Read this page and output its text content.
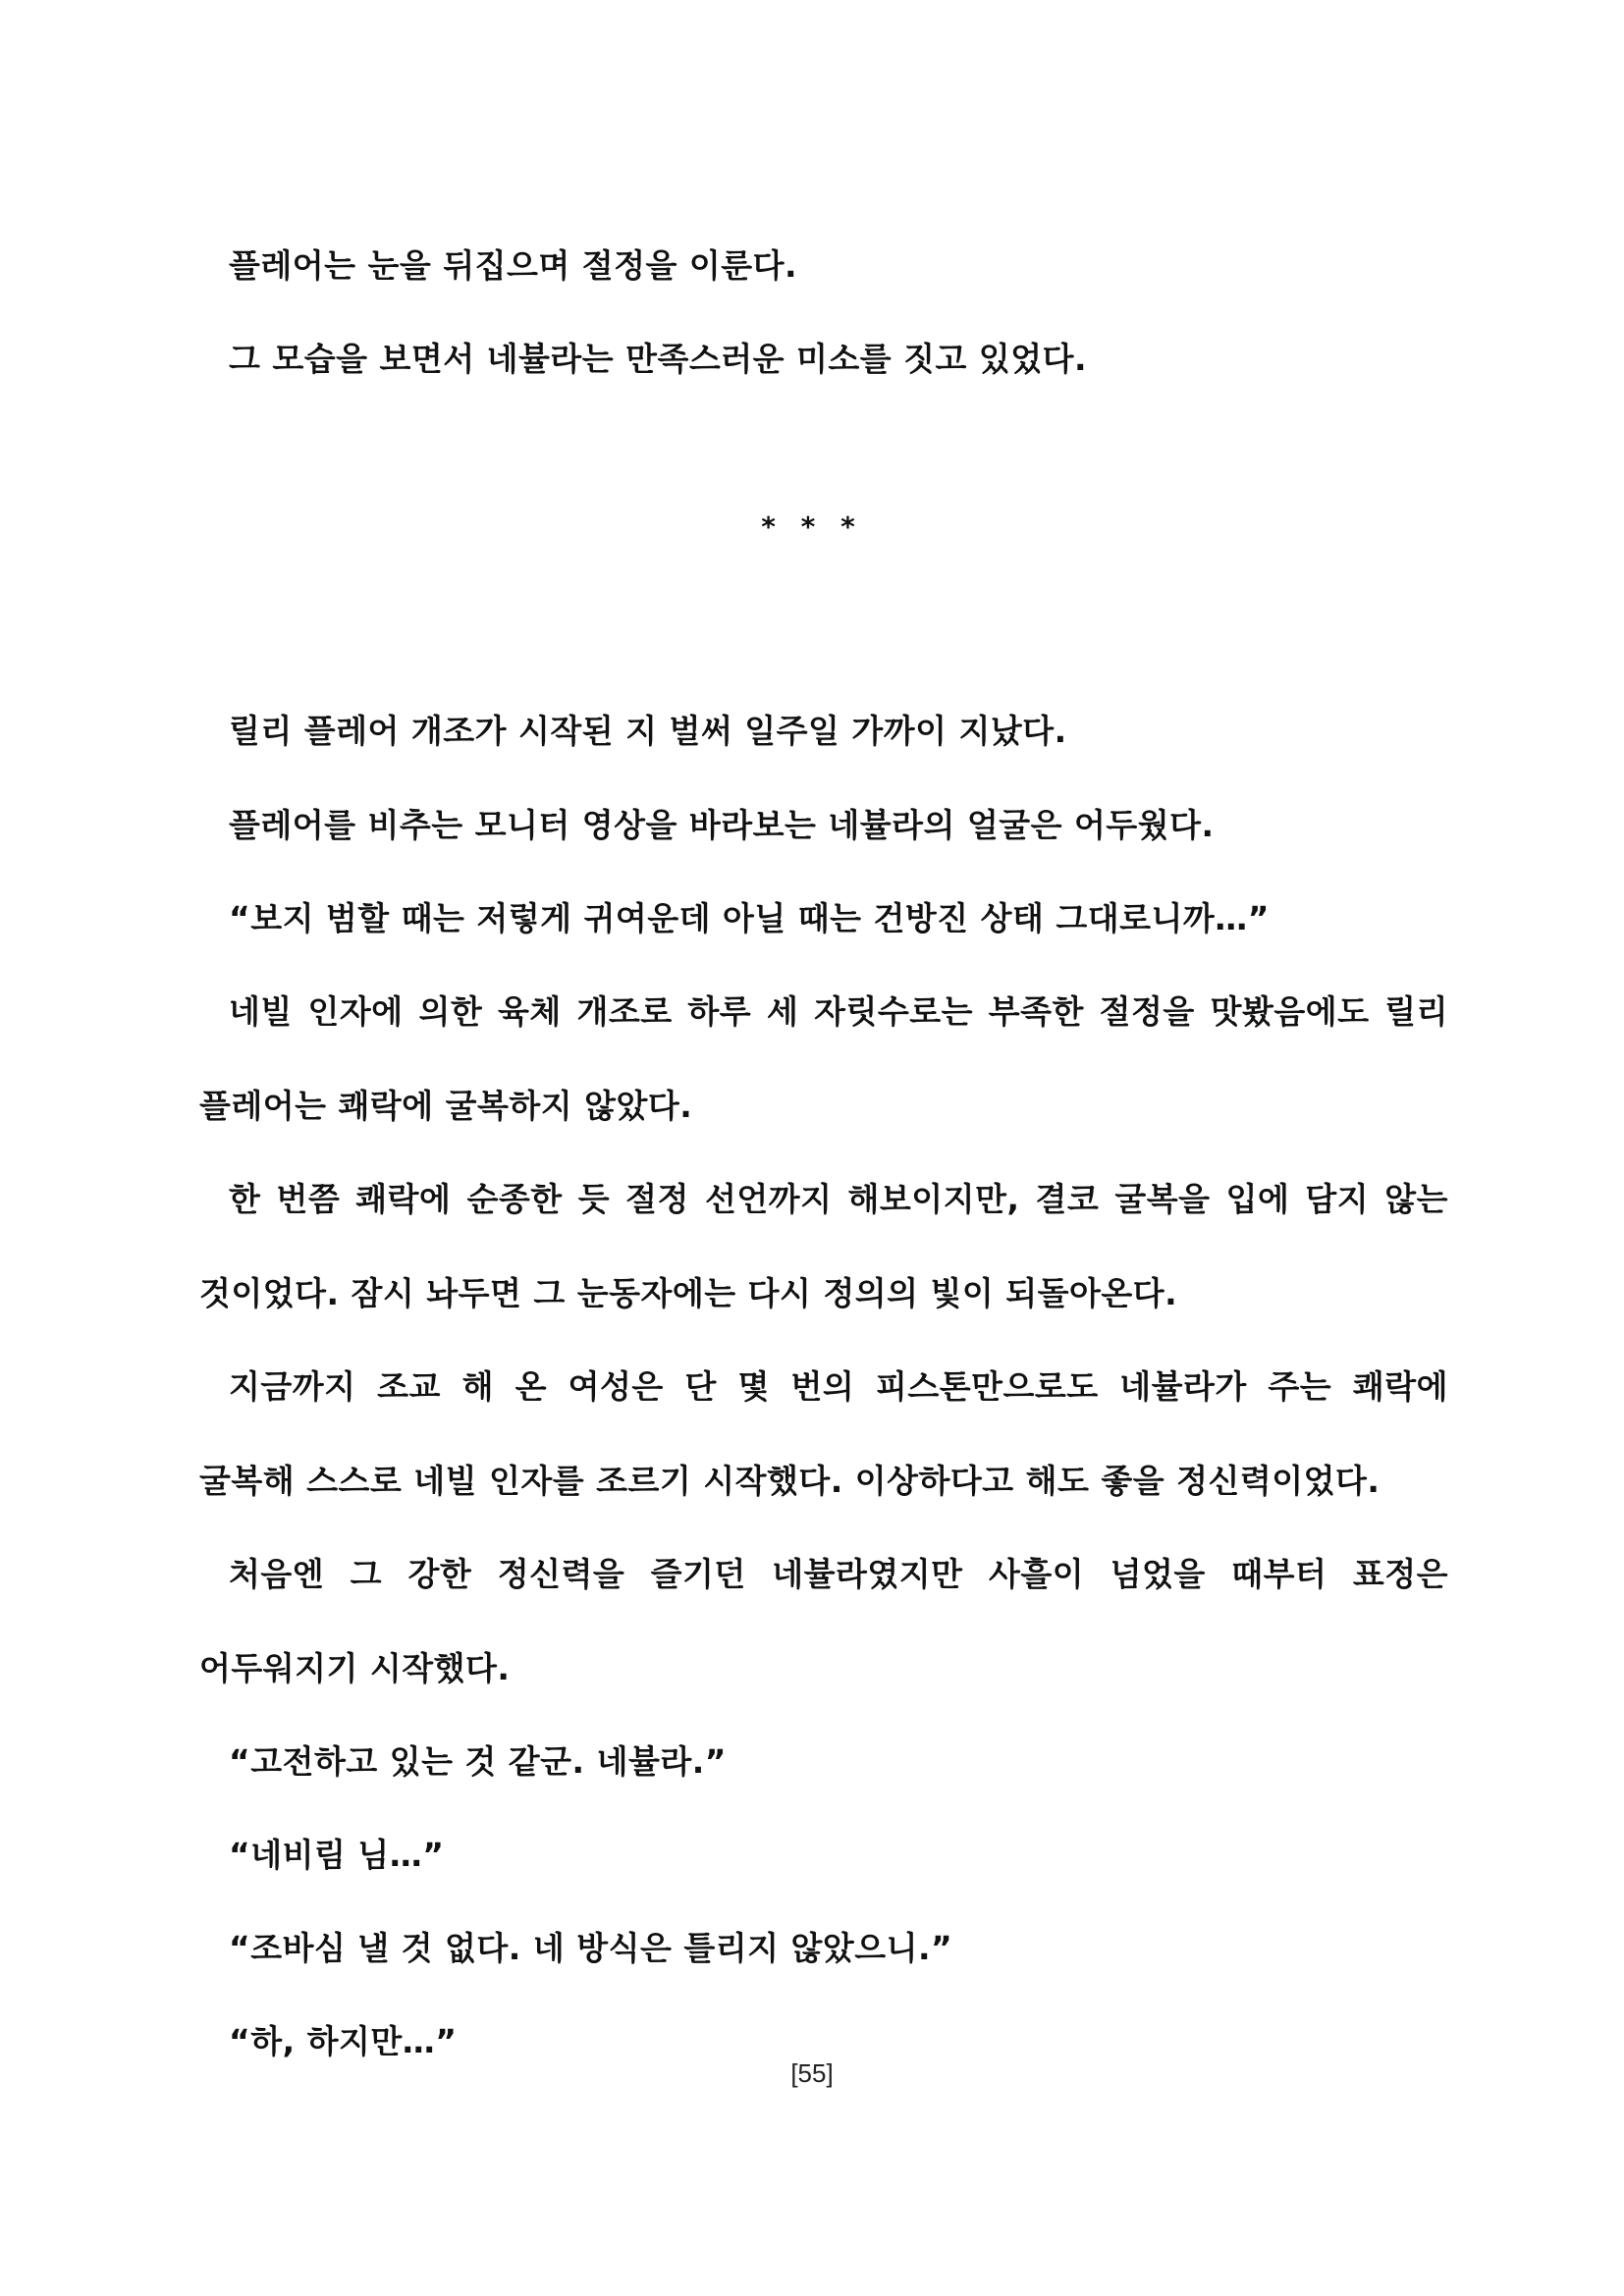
플레어는 눈을 뒤집으며 절정을 이룬다.

그 모습을 보면서 네뷸라는 만족스러운 미소를 짓고 있었다.

* * *

릴리 플레어 개조가 시작된 지 벌써 일주일 가까이 지났다.

플레어를 비추는 모니터 영상을 바라보는 네뷸라의 얼굴은 어두웠다.

“보지 범할 때는 저렇게 귀여운데 아닐 때는 건방진 상태 그대로니까…”

네빌 인자에 의한 육체 개조로 하루 세 자릿수로는 부족한 절정을 맛봤음에도 릴리 플레어는 쾌락에 굴복하지 않았다.

한 번쯤 쾌락에 순종한 듯 절정 선언까지 해보이지만, 결코 굴복을 입에 담지 않는 것이었다. 잠시 놔두면 그 눈동자에는 다시 정의의 빛이 되돌아온다.

지금까지 조교 해 온 여성은 단 몇 번의 피스톤만으로도 네뷸라가 주는 쾌락에 굴복해 스스로 네빌 인자를 조르기 시작했다. 이상하다고 해도 좋을 정신력이었다.

처음엔 그 강한 정신력을 즐기던 네뷸라였지만 사흘이 넘었을 때부터 표정은 어두워지기 시작했다.

“고전하고 있는 것 같군. 네뷸라.”

“네비림 님…”

“조바심 낼 것 없다. 네 방식은 틀리지 않았으니.”

“하, 하지만…”

[55]
